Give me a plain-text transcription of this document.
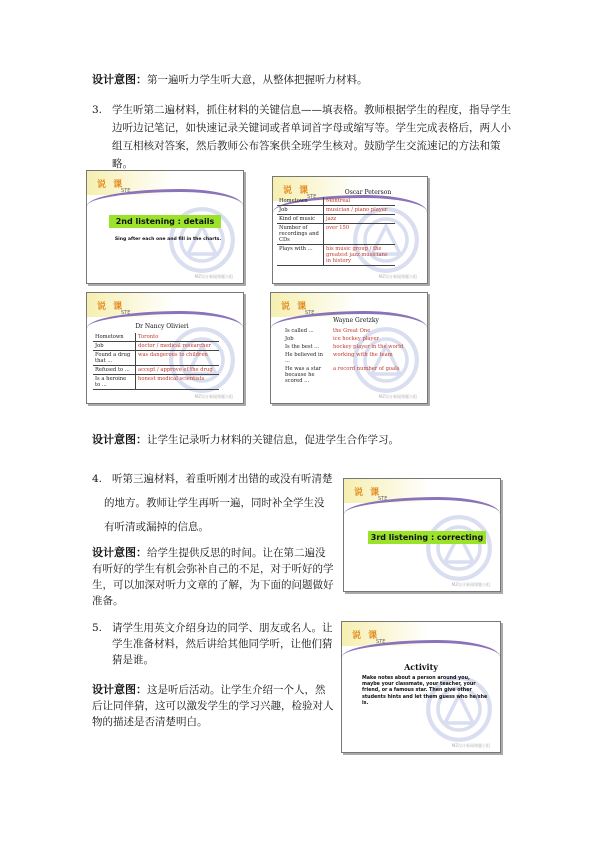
设计意图：第一遍听力学生听大意，从整体把握听力材料。
3. 学生听第二遍材料，抓住材料的关键信息——填表格。教师根据学生的程度，指导学生
边听边记笔记，如快速记录关键词或者单词首字母或缩写等。学生完成表格后，两人小
组互相核对答案，然后教师公布答案供全班学生核对。鼓励学生交流速记的方法和策
略。
说 课
STE
2nd listening : details
Sing after each one and fill in the charts.
MZ设计新闻课题小组
说 课
STE
Oscar Peterson
Hometown	Montreal
Job	musician / piano player
Kind of music	jazz
Number of recordings and CDs	over 150
Plays with ...	his music group / the greatest jazz musicians in history
MZ设计新闻课题小组
说 课
STE
Dr Nancy Olivieri
Hometown	Toronto
Job	doctor / medical researcher
Found a drug that ...	was dangerous to children
Refused to ...	accept / approve of the drug
Is a heroine to ...	honest medical scientists
MZ设计新闻课题小组
说 课
STE
Wayne Gretzky
Is called ...	the Great One
Job	ice hockey player
Is the best ...	hockey player in the world
He believed in ...	working with the team
He was a star because he scored ...	a record number of goals
MZ设计新闻课题小组
设计意图：让学生记录听力材料的关键信息，促进学生合作学习。
4. 听第三遍材料，着重听刚才出错的或没有听清楚
的地方。教师让学生再听一遍，同时补全学生没
有听清或漏掉的信息。
说 课
STE
3rd listening : correcting
MZ设计新闻课题小组
设计意图：给学生提供反思的时间。让在第二遍没
有听好的学生有机会弥补自己的不足，对于听好的学
生，可以加深对听力文章的了解，为下面的问题做好
准备。
5. 请学生用英文介绍身边的同学、朋友或名人。让
学生准备材料，然后讲给其他同学听，让他们猜
猜是谁。
说 课
STE
Activity
Make notes about a person around you, maybe your classmate, your teacher, your friend, or a famous star. Then give other students hints and let them guess who he/she is.
MZ设计新闻课题小组
设计意图：这是听后活动。让学生介绍一个人，然
后让同伴猜，这可以激发学生的学习兴趣，检验对人
物的描述是否清楚明白。
